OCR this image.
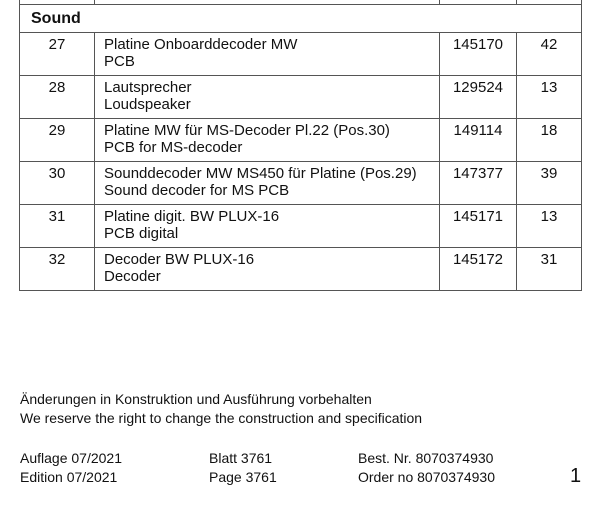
Sound			
27	Platine Onboarddecoder MW
PCB	145170	42
28	Lautsprecher
Loudspeaker	129524	13
29	Platine MW für MS-Decoder Pl.22 (Pos.30)
PCB for MS-decoder	149114	18
30	Sounddecoder MW MS450 für Platine (Pos.29)
Sound decoder for MS PCB	147377	39
31	Platine digit. BW PLUX-16
PCB digital	145171	13
32	Decoder BW PLUX-16
Decoder	145172	31
Änderungen in Konstruktion und Ausführung vorbehalten
We reserve the right to change the construction and specification
Auflage 07/2021
Edition 07/2021
Blatt 3761
Page 3761
Best. Nr. 8070374930
Order no 8070374930	1
